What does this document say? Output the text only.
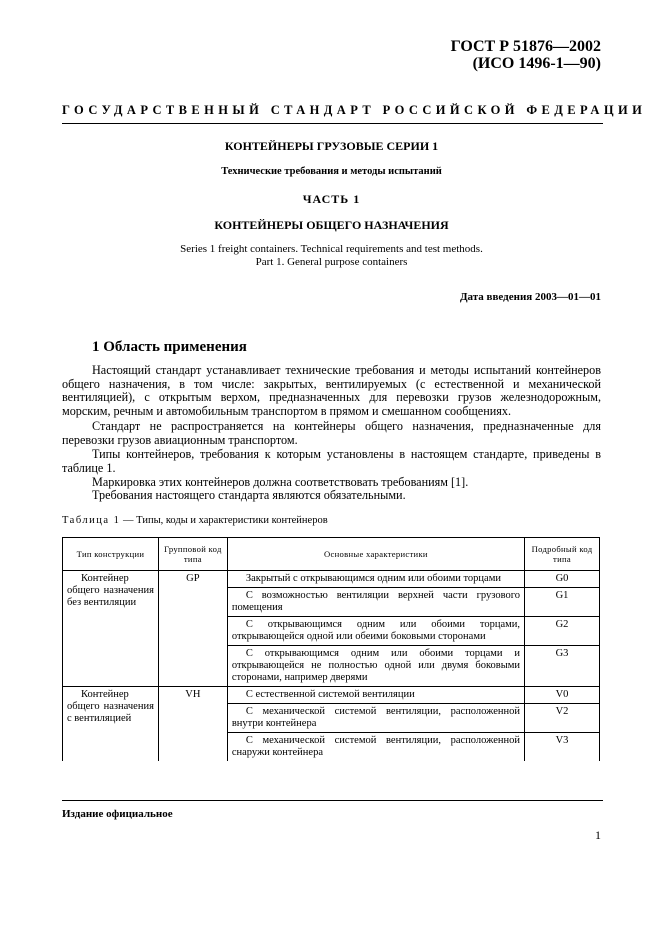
ГОСТ Р 51876—2002
(ИСО 1496-1—90)
ГОСУДАРСТВЕННЫЙ СТАНДАРТ РОССИЙСКОЙ ФЕДЕРАЦИИ
КОНТЕЙНЕРЫ ГРУЗОВЫЕ СЕРИИ 1
Технические требования и методы испытаний
ЧАСТЬ 1
КОНТЕЙНЕРЫ ОБЩЕГО НАЗНАЧЕНИЯ
Series 1 freight containers. Technical requirements and test methods.
Part 1. General purpose containers
Дата введения 2003—01—01
1 Область применения
Настоящий стандарт устанавливает технические требования и методы испытаний контейнеров общего назначения, в том числе: закрытых, вентилируемых (с естественной и механической вентиляцией), с открытым верхом, предназначенных для перевозки грузов железнодорожным, морским, речным и автомобильным транспортом в прямом и смешанном сообщениях.
Стандарт не распространяется на контейнеры общего назначения, предназначенные для перевозки грузов авиационным транспортом.
Типы контейнеров, требования к которым установлены в настоящем стандарте, приведены в таблице 1.
Маркировка этих контейнеров должна соответствовать требованиям [1].
Требования настоящего стандарта являются обязательными.
Таблица 1 — Типы, коды и характеристики контейнеров
Тип конструкции	Групповой код типа	Основные характеристики	Подробный код типа
Контейнер общего назначения без вентиляции	GP	Закрытый с открывающимся одним или обоими торцами	G0
		С возможностью вентиляции верхней части грузового помещения	G1
		С открывающимся одним или обоими торцами, открывающейся одной или обеими боковыми сторонами	G2
		С открывающимся одним или обоими торцами и открывающейся не полностью одной или двумя боковыми сторонами, например дверями	G3
Контейнер общего назначения с вентиляцией	VH	С естественной системой вентиляции	V0
		С механической системой вентиляции, расположенной внутри контейнера	V2
		С механической системой вентиляции, расположенной снаружи контейнера	V3
Издание официальное
1
